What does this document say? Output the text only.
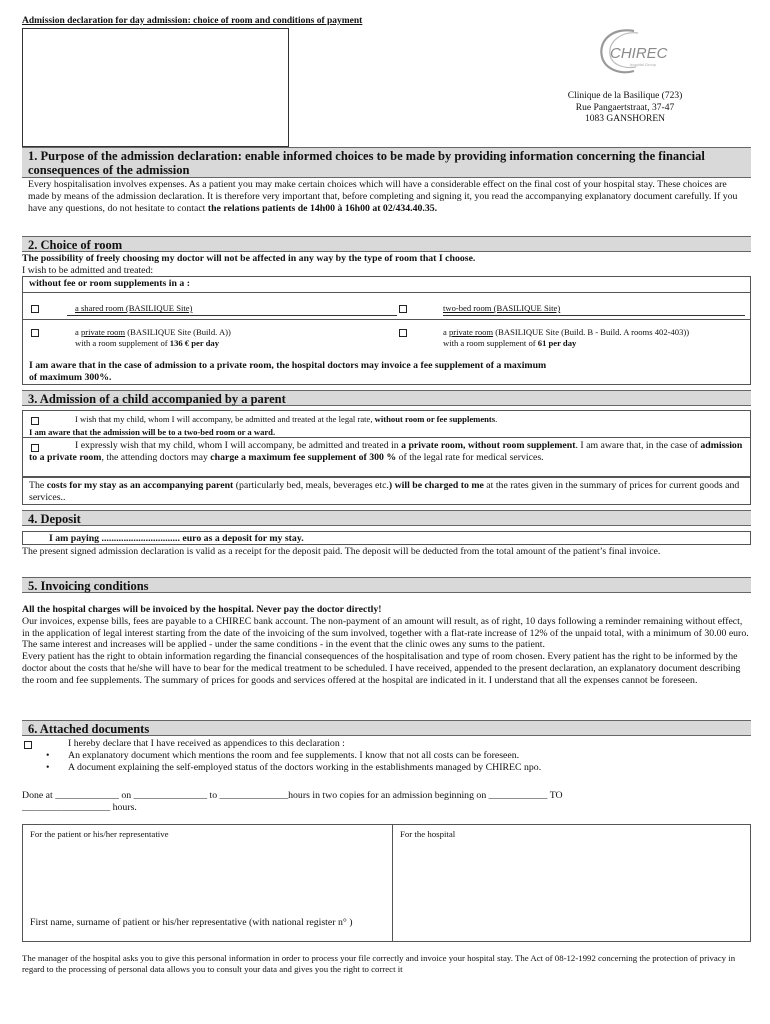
Admission declaration for day admission: choice of room and conditions of payment
CHIREC
hospital Group
Clinique de la Basilique (723)
Rue Pangaertstraat, 37-47
1083 GANSHOREN
1. Purpose of the admission declaration: enable informed choices to be made by providing information concerning the financial consequences of the admission
Every hospitalisation involves expenses. As a patient you may make certain choices which will have a considerable effect on the final cost of your hospital stay. These choices are made by means of the admission declaration. It is therefore very important that, before completing and signing it, you read the accompanying explanatory document carefully. If you have any questions, do not hesitate to contact the relations patients de 14h00 à 16h00 at 02/434.40.35.
2. Choice of room
The possibility of freely choosing my doctor will not be affected in any way by the type of room that I choose.
I wish to be admitted and treated:
without fee or room supplements in a :
a shared room (BASILIQUE Site)	two-bed room (BASILIQUE Site)
a private room (BASILIQUE Site (Build. A))
with a room supplement of 136 € per day
a private room (BASILIQUE Site (Build. B - Build. A rooms 402-403))
with a room supplement of 61 per day
I am aware that in the case of admission to a private room, the hospital doctors may invoice a fee supplement of a maximum of maximum 300%.
3. Admission of a child accompanied by a parent
I wish that my child, whom I will accompany, be admitted and treated at the legal rate, without room or fee supplements.
I am aware that the admission will be to a two-bed room or a ward.
I expressly wish that my child, whom I will accompany, be admitted and treated in a private room, without room supplement. I am aware that, in the case of admission to a private room, the attending doctors may charge a maximum fee supplement of 300 % of the legal rate for medical services.
The costs for my stay as an accompanying parent (particularly bed, meals, beverages etc.) will be charged to me at the rates given in the summary of prices for current goods and services..
4. Deposit
I am paying ................................ euro as a deposit for my stay.
The present signed admission declaration is valid as a receipt for the deposit paid. The deposit will be deducted from the total amount of the patient’s final invoice.
5. Invoicing conditions
All the hospital charges will be invoiced by the hospital. Never pay the doctor directly!
Our invoices, expense bills, fees are payable to a CHIREC bank account. The non-payment of an amount will result, as of right, 10 days following a reminder remaining without effect, in the application of legal interest starting from the date of the invoicing of the sum involved, together with a flat-rate increase of 12% of the unpaid total, with a minimum of 30.00 euro. The same interest and increases will be applied - under the same conditions - in the event that the clinic owes any sums to the patient.
Every patient has the right to obtain information regarding the financial consequences of the hospitalisation and type of room chosen. Every patient has the right to be informed by the doctor about the costs that he/she will have to bear for the medical treatment to be scheduled. I have received, appended to the present declaration, an explanatory document describing the room and fee supplements. The summary of prices for goods and services offered at the hospital are indicated in it. I understand that all the expenses cannot be foreseen.
6. Attached documents
I hereby declare that I have received as appendices to this declaration :
• An explanatory document which mentions the room and fee supplements. I know that not all costs can be foreseen.
• A document explaining the self-employed status of the doctors working in the establishments managed by CHIREC npo.
Done at _____________ on _______________ to ______________hours in two copies for an admission beginning on ____________ TO
__________________ hours.
For the patient or his/her representative
First name, surname of patient or his/her representative (with national register n° )
For the hospital
The manager of the hospital asks you to give this personal information in order to process your file correctly and invoice your hospital stay. The Act of 08-12-1992 concerning the protection of privacy in regard to the processing of personal data allows you to consult your data and gives you the right to correct it
